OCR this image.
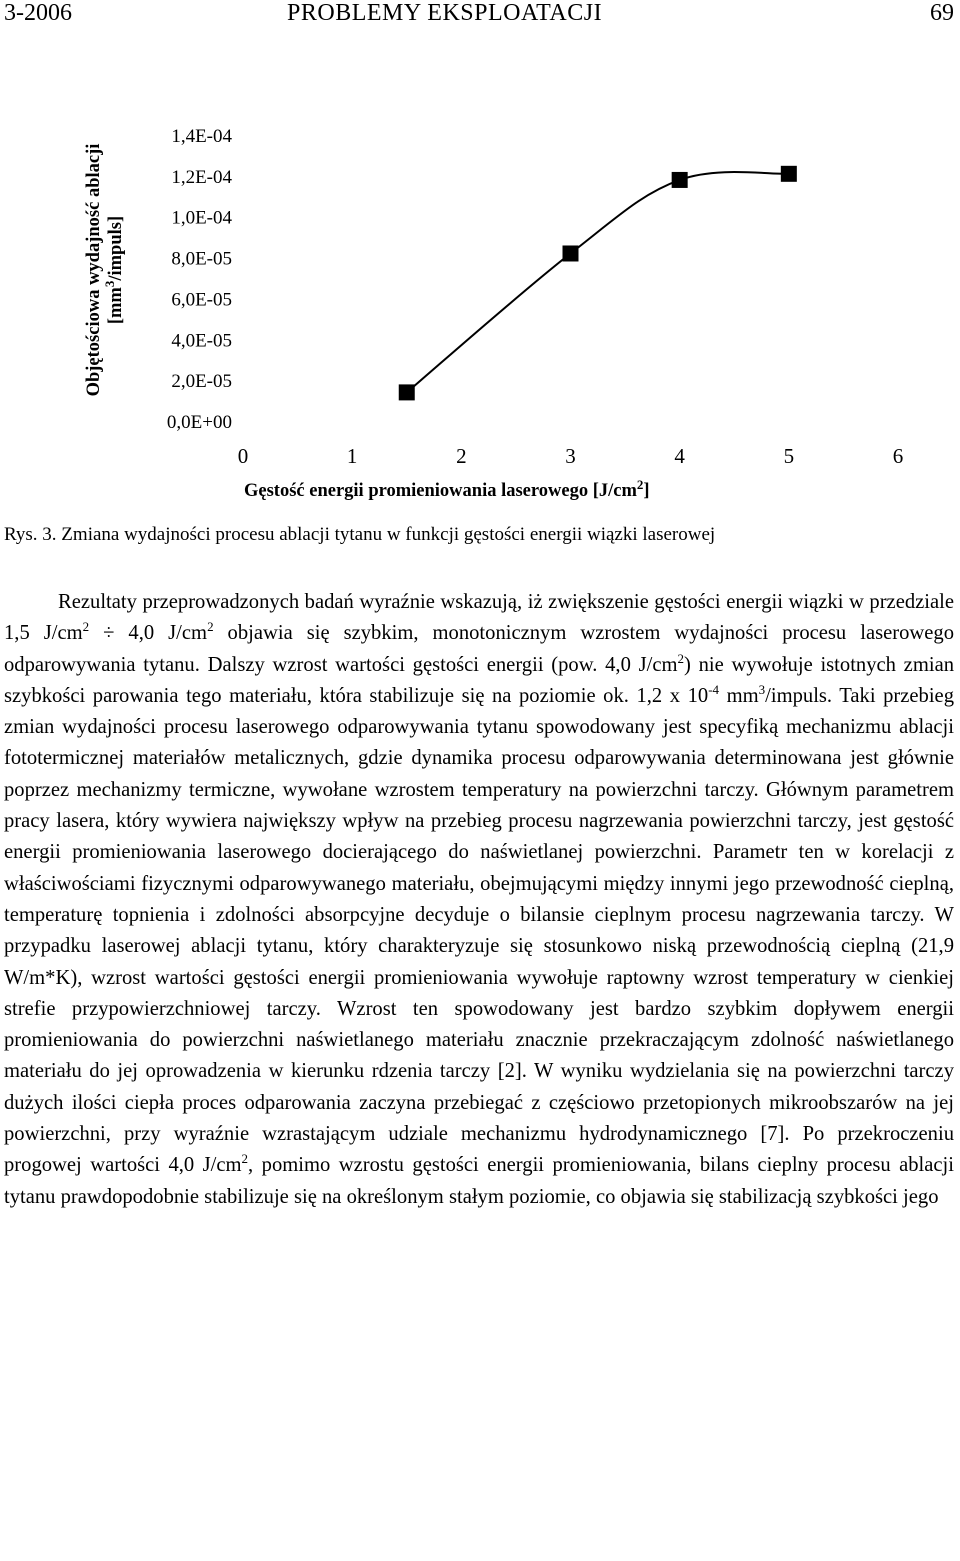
3-2006	PROBLEMY EKSPLOATACJI	69
0,0E+00
2,0E-05
4,0E-05
6,0E-05
8,0E-05
1,0E-04
1,2E-04
1,4E-04
0	1	2	3	4	5	6
Objętościowa wydajność ablacji $[mm^3/impuls]$
Gęstość energii promieniowania laserowego $[J/cm^2]$
Rys. 3. Zmiana wydajności procesu ablacji tytanu w funkcji gęstości energii wiązki laserowej

Rezultaty przeprowadzonych badań wyraźnie wskazują, iż zwiększenie gęstości energii wiązki w przedziale 1,5 $J/cm^2 \div 4,0$ $J/cm^2$ objawia się szybkim, monotonicznym wzrostem wydajności procesu laserowego odparowywania tytanu. Dalszy wzrost wartości gęstości energii (pow. 4,0 $J/cm^2$) nie wywołuje istotnych zmian szybkości parowania tego materiału, która stabilizuje się na poziomie ok. 1,2 x $10^{-4}$ $mm^3$/impuls. Taki przebieg zmian wydajności procesu laserowego odparowywania tytanu spowodowany jest specyfiką mechanizmu ablacji fototermicznej materiałów metalicznych, gdzie dynamika procesu odparowywania determinowana jest głównie poprzez mechanizmy termiczne, wywołane wzrostem temperatury na powierzchni tarczy. Głównym parametrem pracy lasera, który wywiera największy wpływ na przebieg procesu nagrzewania powierzchni tarczy, jest gęstość energii promieniowania laserowego docierającego do naświetlanej powierzchni. Parametr ten w korelacji z właściwościami fizycznymi odparowywanego materiału, obejmującymi między innymi jego przewodność cieplną, temperaturę topnienia i zdolności absorpcyjne decyduje o bilansie cieplnym procesu nagrzewania tarczy. W przypadku laserowej ablacji tytanu, który charakteryzuje się stosunkowo niską przewodnością cieplną (21,9 W/m*K), wzrost wartości gęstości energii promieniowania wywołuje raptowny wzrost temperatury w cienkiej strefie przypowierzchniowej tarczy. Wzrost ten spowodowany jest bardzo szybkim dopływem energii promieniowania do powierzchni naświetlanego materiału znacznie przekraczającym zdolność naświetlanego materiału do jej oprowadzenia w kierunku rdzenia tarczy [2]. W wyniku wydzielania się na powierzchni tarczy dużych ilości ciepła proces odparowania zaczyna przebiegać z częściowo przetopionych mikroobszarów na jej powierzchni, przy wyraźnie wzrastającym udziale mechanizmu hydrodynamicznego [7]. Po przekroczeniu progowej wartości 4,0 $J/cm^2$, pomimo wzrostu gęstości energii promieniowania, bilans cieplny procesu ablacji tytanu prawdopodobnie stabilizuje się na określonym stałym poziomie, co objawia się stabilizacją szybkości jego
